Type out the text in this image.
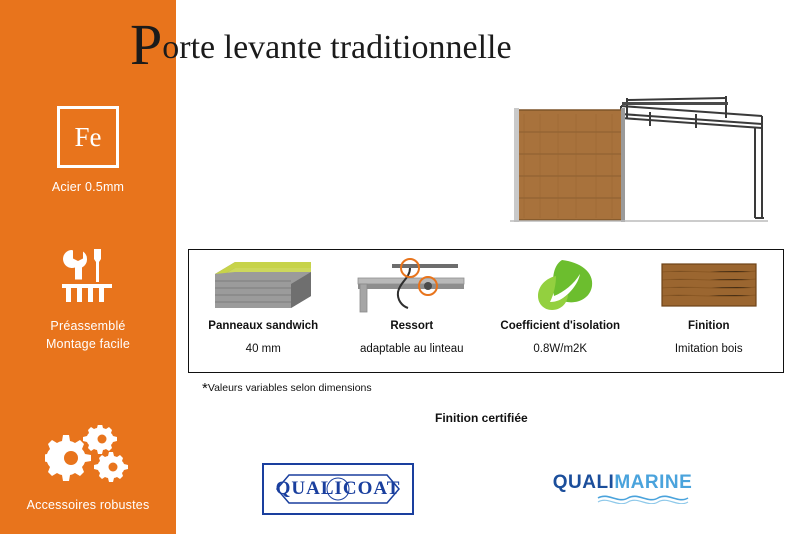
Fe
Acier 0.5mm
Préassemblé
Montage facile
Accessoires robustes
Porte levante traditionnelle
Panneaux sandwich
40 mm
Ressort
adaptable au linteau
Coefficient d'isolation
0.8W/m2K
Finition
Imitation bois
*Valeurs variables selon dimensions
Finition certifiée
QUALICOAT	QUALIMARINE
